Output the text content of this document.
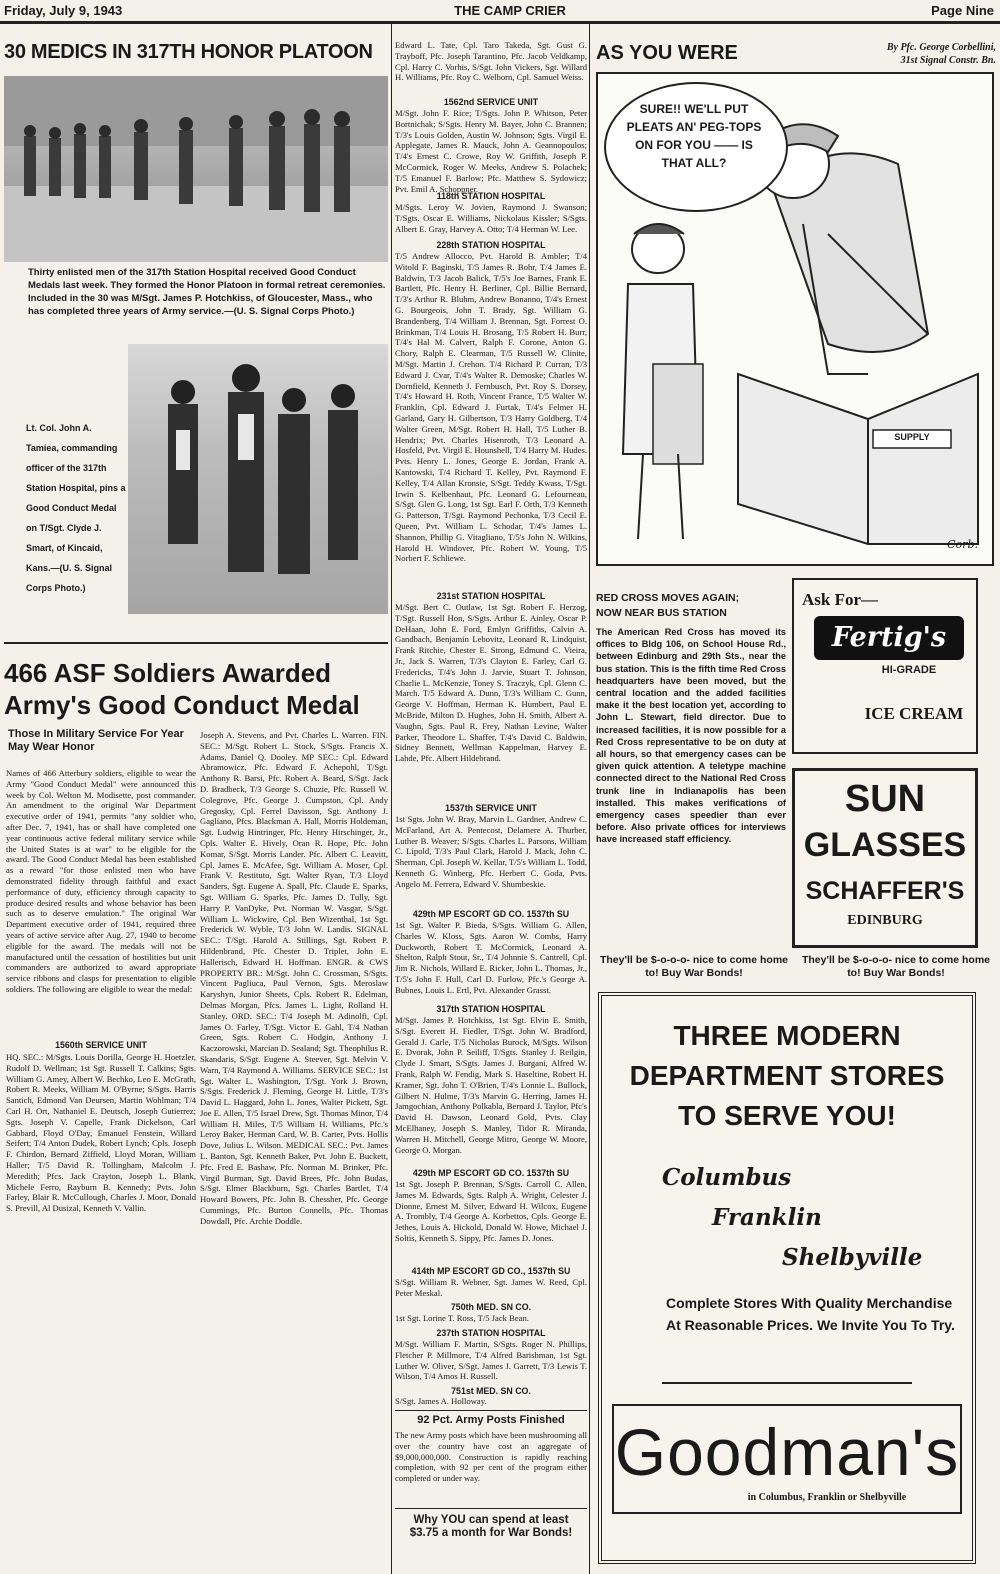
Friday, July 9, 1943	THE CAMP CRIER	Page Nine
30 MEDICS IN 317TH HONOR PLATOON
Thirty enlisted men of the 317th Station Hospital received Good Conduct Medals last week. They formed the Honor Platoon in formal retreat ceremonies. Included in the 30 was M/Sgt. James P. Hotchkiss, of Gloucester, Mass., who has completed three years of Army service.—(U. S. Signal Corps Photo.)
Lt. Col. John A. Tamiea, commanding officer of the 317th Station Hospital, pins a Good Conduct Medal on T/Sgt. Clyde J. Smart, of Kincaid, Kans.—(U. S. Signal Corps Photo.)
466 ASF Soldiers Awarded
Army's Good Conduct Medal
Those In Military Service For Year May Wear Honor
Names of 466 Atterbury soldiers, eligible to wear the Army "Good Conduct Medal" were announced this week by Col. Welton M. Modisette, post commander. An amendment to the original War Department executive order of 1941, permits "any soldier who, after Dec. 7, 1941, has or shall have completed one year continuous active federal military service while the United States is at war" to be eligible for the award. The Good Conduct Medal has been established as a reward "for those enlisted men who have demonstrated fidelity through faithful and exact performance of duty, efficiency through capacity to produce desired results and whose behavior has been such as to deserve emulation." The original War Department executive order of 1941, required three years of active service after Aug. 27, 1940 to become eligible for the award. The medals will not be manufactured until the cessation of hostilities but unit commanders are authorized to award appropriate service ribbons and clasps for presentation to eligible soldiers. The following are eligible to wear the medal:
1560th SERVICE UNIT
HQ. SEC.: M/Sgts. Louis Dorilla, George H. Hoetzler, Rudolf D. Wellman; 1st Sgt. Russell T. Calkins; Sgts. William G. Amey, Albert W. Bechko, Leo E. McGrath, Robert R. Meeks, William M. O'Byrne; S/Sgts. Harris Santich, Edmond Van Deursen, Martin Wohlman; T/4 Carl H. Ort, Nathaniel E. Deutsch, Joseph Gutierrez; Sgts. Joseph V. Capelle, Frank Dickelson, Carl Gabbard, Floyd O'Day, Emanuel Fenstein, Willard Seifert; T/4 Anton Dudek, Robert Lynch; Cpls. Joseph F. Chirdon, Bernard Ziffield, Lloyd Moran, William Haller; T/5 David R. Tollingham, Malcolm J. Meredith; Pfcs. Jack Crayton, Joseph L. Blank, Michele Ferro, Rayburn B. Kennedy; Pvts. John Farley, Blair R. McCullough, Charles J. Moor, Donald S. Previll, Al Dusizal, Kenneth V. Vallin.
Joseph A. Stevens, and Pvt. Charles L. Warren. FIN. SEC.: M/Sgt. Robert L. Stock, S/Sgts. Francis X. Adams, Daniel Q. Dooley. MP SEC.: Cpl. Edward Abramowicz, Pfc. Edward F. Achepohl, T/Sgt. Anthony R. Barsi, Pfc. Robert A. Beard, S/Sgt. Jack D. Bradbeck, T/3 George S. Chuzie, Pfc. Russell W. Colegrove, Pfc. George J. Cumpston, Cpl. Andy Gregosky, Cpl. Ferrel Davisson, Sgt. Anthony J. Gagliano, Pfcs. Blackman A. Hall, Morris Holdeman, Sgt. Ludwig Hintringer, Pfc. Henry Hirschinger, Jr., Cpls. Walter E. Hively, Oran R. Hope, Pfc. John Komar, S/Sgt. Morris Lander. Pfc. Albert C. Leavitt, Cpl. James E. McAfee, Sgt. William A. Moser, Cpl. Frank V. Restituto, Sgt. Walter Ryan, T/3 Lloyd Sanders, Sgt. Eugene A. Spall, Pfc. Claude E. Sparks, Sgt. William G. Sparks, Pfc. James D. Tully, Sgt. Harry P. VanDyke, Pvt. Norman W. Vasgar, S/Sgt. William L. Wickwire, Cpl. Ben Wizenthal, 1st Sgt. Frederick W. Wyble, T/3 John W. Landis. SIGNAL SEC.: T/Sgt. Harold A. Stillings, Sgt. Robert P. Hildenbrand, Pfc. Chester D. Triplet, John E. Hallerisch, Edward H. Hoffman. ENGR. & CWS PROPERTY BR.: M/Sgt. John C. Crossman, S/Sgts. Vincent Pagliuca, Paul Vernon, Sgts. Meroslaw Karyshyn, Junior Sheets, Cpls. Robert R. Edelman, Delmas Morgan, Pfcs. James L. Light, Rolland H. Stanley. ORD. SEC.: T/4 Joseph M. Adinolfi, Cpl. James O. Farley, T/Sgt. Victor E. Gahl, T/4 Nathan Green, Sgts. Robert C. Hodgin, Anthony J. Kaczorowski, Marcian D. Sealand; Sgt. Theophilus R. Skandaris, S/Sgt. Eugene A. Steever, Sgt. Melvin V. Warn, T/4 Raymond A. Williams. SERVICE SEC.: 1st Sgt. Walter L. Washington, T/Sgt. York J. Brown, S/Sgts. Frederick J. Fleming, George H. Little, T/3's David L. Haggard, John L. Jones, Walter Pickett, Sgt. Joe E. Allen, T/5 Israel Drew, Sgt. Thomas Minor, T/4 William H. Miles, T/5 William H. Williams, Pfc.'s Leroy Baker, Herman Card, W. B. Carter, Pvts. Hollis Dove, Julius L. Wilson. MEDICAL SEC.: Pvt. James L. Banton, Sgt. Kenneth Baker, Pvt. John E. Buckett, Pfc. Fred E. Bashaw, Pfc. Norman M. Brinker, Pfc. Virgil Burman, Sgt. David Brees, Pfc. John Budas, S/Sgt. Elmer Blackburn, Sgt. Charles Bartlet, T/4 Howard Bowers, Pfc. John B. Chessher, Pfc. George Cummings, Pfc. Burton Connells, Pfc. Thomas Dowdall, Pfc. Archie Doddle.
Edward L. Tate, Cpl. Taro Takeda, Sgt. Gust G. Trayboff, Pfc. Joseph Tarantino, Pfc. Jacob Veldkamp, Cpl. Harry C. Vorhis, S/Sgt. John Vickers, Sgt. Willard H. Williams, Pfc. Roy C. Welborn, Cpl. Samuel Weiss.
1562nd SERVICE UNIT
M/Sgt. John F. Rice; T/Sgts. John P. Whitson, Peter Bortnichak; S/Sgts. Henry M. Bayer, John C. Brannen; T/3's Louis Golden, Austin W. Johnson; Sgts. Virgil E. Applegate, James R. Mauck, John A. Geannopoulos; T/4's Ernest C. Crowe, Roy W. Griffith, Joseph P. McCormick, Roger W. Meeks, Andrew S. Polachek; T/5 Emanuel F. Barlow; Pfc. Matthew S. Sydowicz; Pvt. Emil A. Schoppner.
118th STATION HOSPITAL
M/Sgts. Leroy W. Jovien, Raymond J. Swanson; T/Sgts. Oscar E. Williams, Nickolaus Kissler; S/Sgts. Albert E. Gray, Harvey A. Otto; T/4 Herman W. Lee.
228th STATION HOSPITAL
T/5 Andrew Allocco, Pvt. Harold B. Ambler; T/4 Witold F. Baginski, T/5 James R. Bohr, T/4 James E. Baldwin, T/3 Jacob Balick, T/5's Joe Barnes, Frank E. Bartlett, Pfc. Henry H. Berliner, Cpl. Billie Bernard, T/3's Arthur R. Bluhm, Andrew Bonanno, T/4's Ernest G. Bourgeois, John T. Brady, Sgt. William G. Brandenberg, T/4 William J. Brennan, Sgt. Forrest O. Brinkman, T/4 Louis H. Brosang, T/5 Robert H. Burr, T/4's Hal M. Calvert, Ralph F. Corone, Anton G. Chory, Ralph E. Clearman, T/5 Russell W. Clinite, M/Sgt. Martin J. Crehon. T/4 Richard P. Curran, T/3 Edward J. Cvar, T/4's Walter R. Demoske; Charles W. Dornfield, Kenneth J. Fernbusch, Pvt. Roy S. Dorsey, T/4's Howard H. Roth, Vincent France, T/5 Walter W. Franklin, Cpl. Edward J. Furtak, T/4's Felmer H. Garland, Gary H. Gilbertson, T/3 Harry Goldberg, T/4 Walter Green, M/Sgt. Robert H. Hall, T/5 Luther B. Hendrix; Pvt. Charles Hisenroth, T/3 Leonard A. Hosfeld, Pvt. Virgil E. Hounshell, T/4 Harry M. Hudes. Pvts. Henry L. Jones, George E. Jordan, Frank A. Kantowski, T/4 Richard T. Kelley, Pvt. Raymond F. Kelley, T/4 Allan Kronsie, S/Sgt. Teddy Kwass, T/Sgt. Irwin S. Kelbenhaut, Pfc. Leonard G. Lefourneau, S/Sgt. Glen G. Long, 1st Sgt. Earl F. Orth, T/3 Kenneth G. Patterson, T/Sgt. Raymond Pechonka, T/3 Cecil E. Queen, Pvt. William L. Schodar, T/4's James L. Shannon, Phillip G. Vitagliano, T/5's John N. Wilkins, Harold H. Windover, Pfc. Robert W. Young, T/5 Norbert F. Schliewe.
231st STATION HOSPITAL
M/Sgt. Bert C. Outlaw, 1st Sgt. Robert F. Herzog, T/Sgt. Russell Hon, S/Sgts. Arthur E. Ainley, Oscar P. DeHaan, John E. Ford, Emlyn Griffiths, Calvin A. Gandbach, Benjamin Lebovitz, Leonard R. Lindquist, Frank Ritchie, Chester E. Strong, Edmund C. Vieira, Jr., Jack S. Warren, T/3's Clayton E. Farley, Carl G. Fredericks, T/4's John J. Jarvie, Stuart T. Johnson, Charlie L. McKenzie, Toney S. Traczyk, Cpl. Glenn C. March. T/5 Edward A. Dunn, T/3's William C. Gunn, George V. Hoffman, Herman K. Humbert, Paul E. McBride, Milton D. Hughes, John H. Smith, Albert A. Vaughn, Sgts. Paul R. Frey, Nathan Levine, Walter Parker, Theodore L. Shaffer, T/4's David C. Baldwin, Sidney Bennett, Wellman Kappelman, Harvey E. Lahde, Pfc. Albert Hildebrand.
1537th SERVICE UNIT
1st Sgts. John W. Bray, Marvin L. Gardner, Andrew C. McFarland, Art A. Pentecost, Delamere A. Thurber, Luther B. Weaver; S/Sgts. Charles L. Parsons, William C. Lipold, T/3's Paul Clark, Harold J. Mack, John C. Sherman, Cpl. Joseph W. Kellar, T/5's William L. Todd, Kenneth G. Winberg, Pfc. Herbert C. Goda, Pvts. Angelo M. Ferrera, Edward V. Shumbeskie.
429th MP ESCORT GD CO. 1537th SU
1st Sgt. Walter P. Bieda, S/Sgts. William G. Allen, Charles W. Kloss, Sgts. Aaron W. Combs, Harry Duckworth, Robert T. McCormick, Leonard A. Shelton, Ralph Stout, Sr., T/4 Johnnie S. Cantrell, Cpl. Jim R. Nichols, Willard E. Ricker, John L. Thomas, Jr., T/5's John F. Hull, Carl D. Furlow, Pfc.'s George A. Bubnes, Louis L. Ertl, Pvt. Alexander Grasst.
317th STATION HOSPITAL
M/Sgt. James P. Hotchkiss, 1st Sgt. Elvin E. Smith, S/Sgt. Everett H. Fiedler, T/Sgt. John W. Bradford, Gerald J. Carle, T/5 Nicholas Burock, M/Sgts. Wilson E. Dvorak, John P. Seiliff, T/Sgts. Stanley J. Reilgin, Clyde J. Smart, S/Sgts. James J. Burgani, Alfred W. Frank, Ralph W. Fendig, Mark S. Haseltine, Robert H. Kramer, Sgt. John T. O'Brien, T/4's Lonnie L. Bullock, Gilbert N. Hulme, T/3's Marvin G. Herring, James H. Jamgochian, Anthony Polkabla, Bernard J. Taylor, Pfc's David H. Dawson, Leonard Gold, Pvts. Clay McElhaney, Joseph S. Manley, Tidor R. Miranda, Warren H. Mitchell, George Mitro, George W. Moore, George O. Morgan.
429th MP ESCORT GD CO. 1537th SU
1st Sgt. Joseph P. Brennan, S/Sgts. Carroll C. Allen, James M. Edwards, Sgts. Ralph A. Wright, Celester J. Dionne, Ernest M. Silver, Edward H. Wilcox, Eugene A. Trombly, T/4 George A. Korbettos, Cpls. George E. Jethes, Louis A. Hickold, Donald W. Howe, Michael J. Soltis, Kenneth S. Sippy, Pfc. James D. Jones.
414th MP ESCORT GD CO., 1537th SU
S/Sgt. William R. Webner, Sgt. James W. Reed, Cpl. Peter Meskal.
750th MED. SN CO.
1st Sgt. Lorine T. Ross, T/5 Jack Bean.
237th STATION HOSPITAL
M/Sgt. William F. Martin, S/Sgts. Roger N. Phillips, Fletcher P. Millmore, T/4 Alfred Barishman, 1st Sgt. Luther W. Oliver, S/Sgt. James J. Garrett, T/3 Lewis T. Wilson, T/4 Amos H. Russell.
751st MED. SN CO.
S/Sgt. James A. Holloway.
92 Pct. Army Posts Finished
The new Army posts which have been mushrooming all over the country have cost an aggregate of $9,000,000,000. Construction is rapidly reaching completion, with 92 per cent of the program either completed or under way.
Why YOU can spend at least $3.75 a month for War Bonds!
AS YOU WERE	By Pfc. George Corbellini,
31st Signal Constr. Bn.
SURE!! WE'LL PUT PLEATS AN' PEG-TOPS ON FOR YOU —— IS THAT ALL?
SUPPLY
Corb.
RED CROSS MOVES AGAIN;
NOW NEAR BUS STATION
The American Red Cross has moved its offices to Bldg 106, on School House Rd., between Edinburg and 29th Sts., near the bus station. This is the fifth time Red Cross headquarters have been moved, but the central location and the added facilities make it the best location yet, according to John L. Stewart, field director. Due to increased facilities, it is now possible for a Red Cross representative to be on duty at all hours, so that emergency cases can be given quick attention. A teletype machine connected direct to the National Red Cross trunk line in Indianapolis has been installed. This makes verifications of emergency cases speedier than ever before. Also private offices for interviews have increased staff efficiency.
Ask For—
Fertig's
HI-GRADE
ICE CREAM
SUN
GLASSES
SCHAFFER'S
EDINBURG
They'll be $-o-o-o- nice to come home to! Buy War Bonds!
They'll be $-o-o-o- nice to come home to! Buy War Bonds!
THREE MODERN
DEPARTMENT STORES
TO SERVE YOU!
Columbus
Franklin
Shelbyville
Complete Stores With Quality Merchandise At Reasonable Prices. We Invite You To Try.
Goodman's
in Columbus, Franklin or Shelbyville
